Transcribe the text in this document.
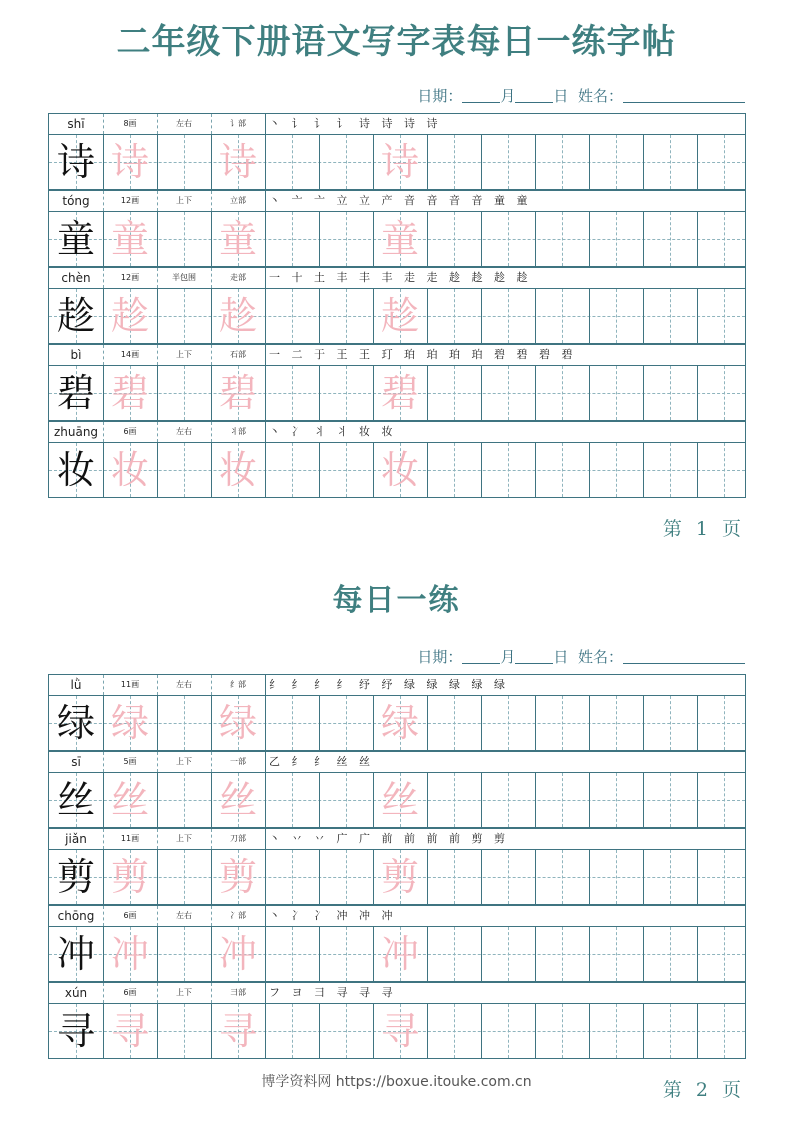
二年级下册语文写字表每日一练字帖
日期：	月	日 姓名：
shī	8画	左右	讠部	丶 讠 讠 讠 诗 诗 诗 诗
诗 诗 诗	诗
tóng	12画	上下	立部	丶 亠 亠 立 立 产 音 音 音 音 童 童
童 童 童	童
chèn	12画	半包围	走部	一 十 土 丰 丰 丰 走 走 趁 趁 趁 趁
趁 趁 趁	趁
bì	14画	上下	石部	一 二 于 王 王 玎 珀 珀 珀 珀 碧 碧 碧 碧
碧 碧 碧	碧
zhuāng	6画	左右	丬部	丶 冫 丬 丬 妆 妆
妆 妆 妆	妆
第 1 页
每日一练
日期：	月	日 姓名：
lǜ	11画	左右	纟部	纟 纟 纟 纟 纾 纾 绿 绿 绿 绿 绿
绿 绿 绿	绿
sī	5画	上下	一部	乙 纟 纟 丝 丝
丝 丝 丝	丝
jiǎn	11画	上下	刀部	丶 丷 丷 广 广 前 前 前 前 剪 剪
剪 剪 剪	剪
chōng	6画	左右	冫部	丶 冫 冫 冲 冲 冲
冲 冲 冲	冲
xún	6画	上下	彐部	フ ヨ 彐 寻 寻 寻
寻 寻 寻	寻
第 2 页
博学资料网 https://boxue.itouke.com.cn
